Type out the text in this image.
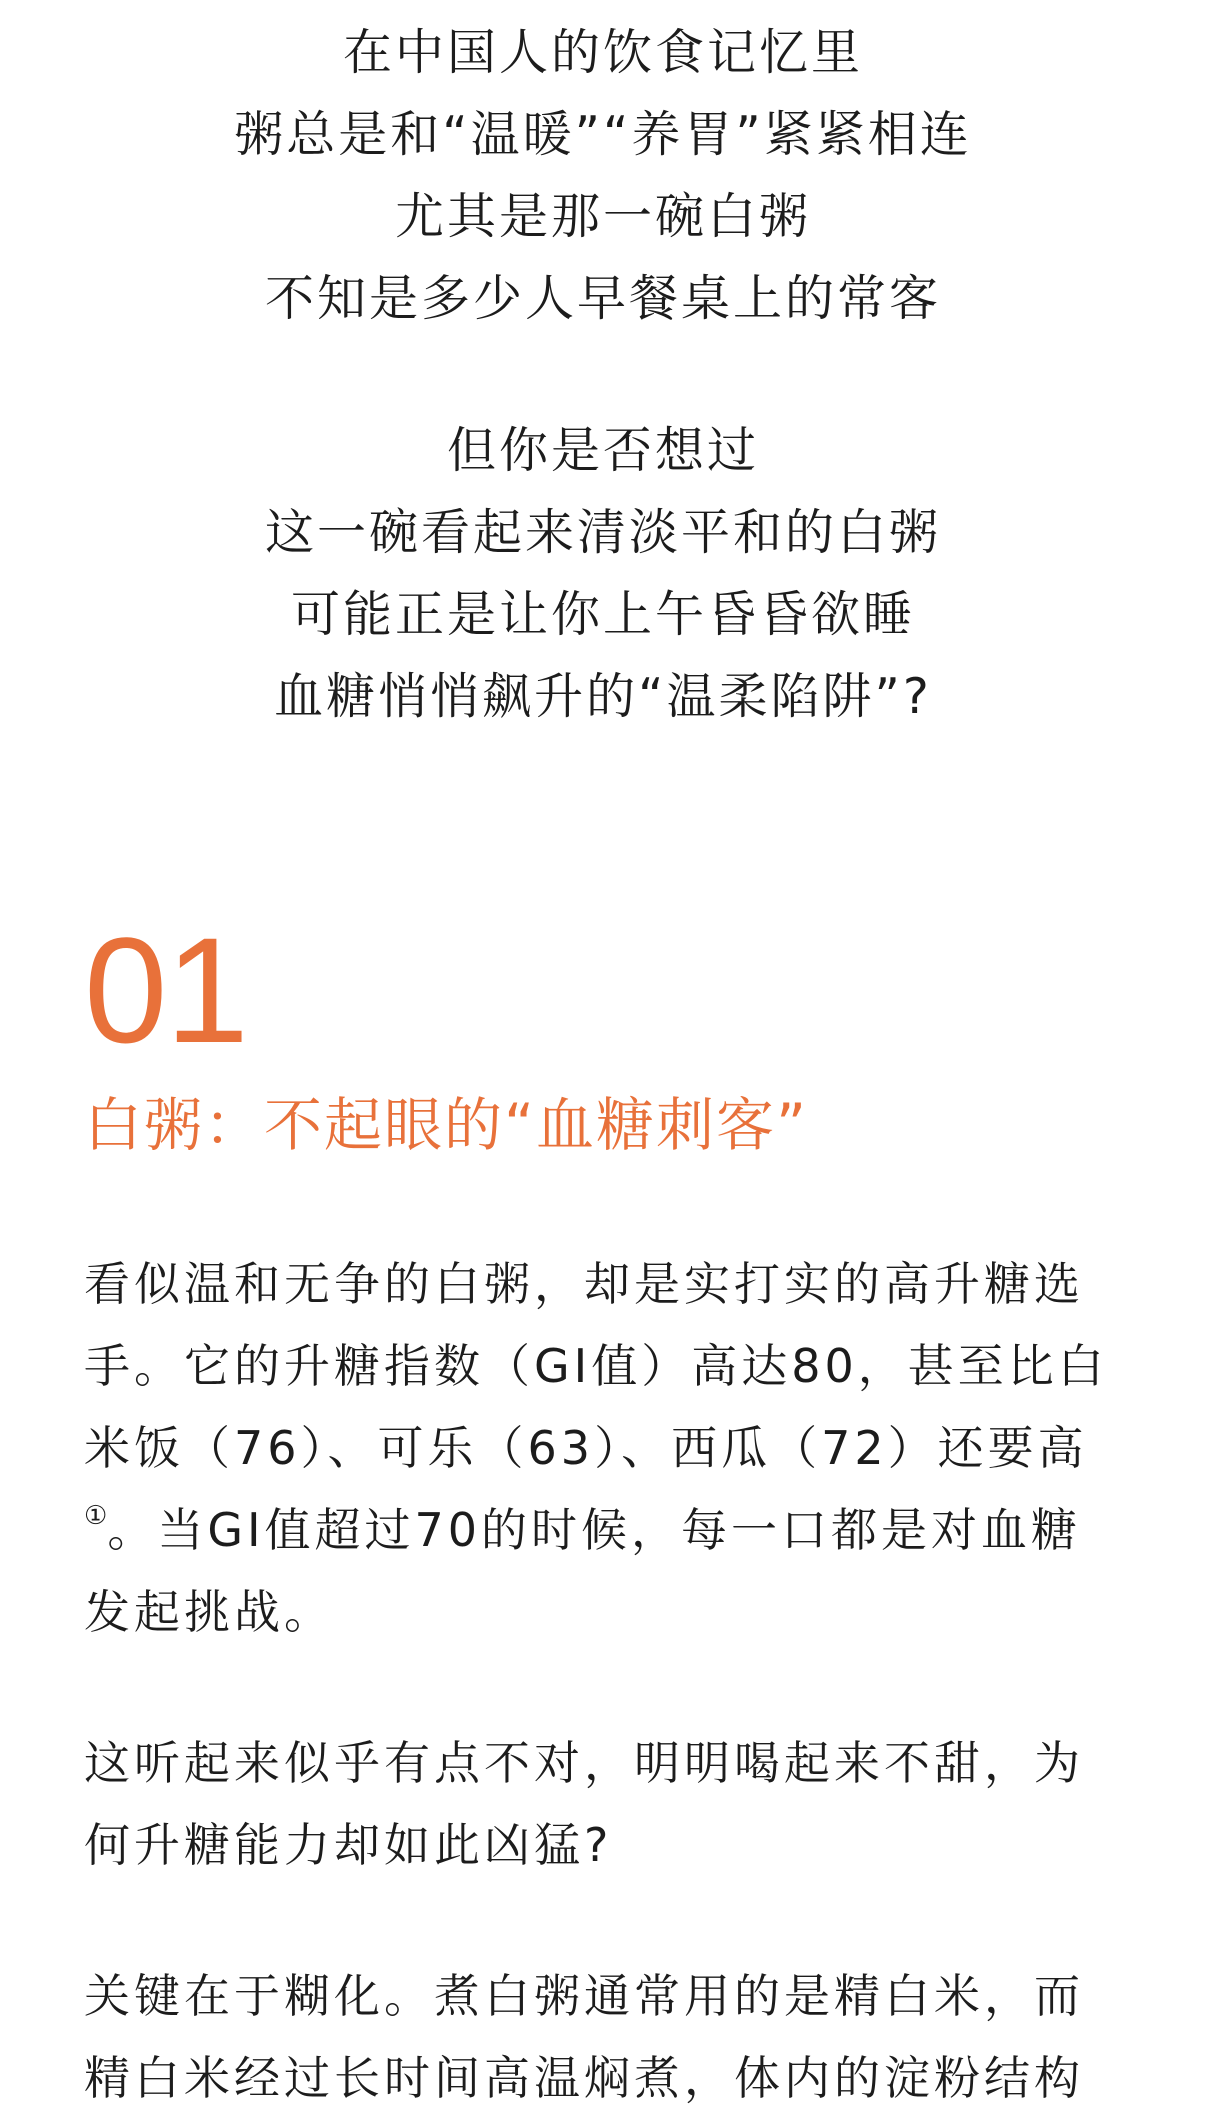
在中国人的饮食记忆里
粥总是和“温暖”“养胃”紧紧相连
尤其是那一碗白粥
不知是多少人早餐桌上的常客
但你是否想过
这一碗看起来清淡平和的白粥
可能正是让你上午昏昏欲睡
血糖悄悄飙升的“温柔陷阱”?
01
白粥：不起眼的“血糖刺客”
看似温和无争的白粥，却是实打实的高升糖选
手。它的升糖指数（GI值）高达80，甚至比白
米饭（76）、可乐（63）、西瓜（72）还要高
①。当GI值超过70的时候，每一口都是对血糖
发起挑战。
这听起来似乎有点不对，明明喝起来不甜，为
何升糖能力却如此凶猛?
关键在于糊化。煮白粥通常用的是精白米，而
精白米经过长时间高温焖煮，体内的淀粉结构
